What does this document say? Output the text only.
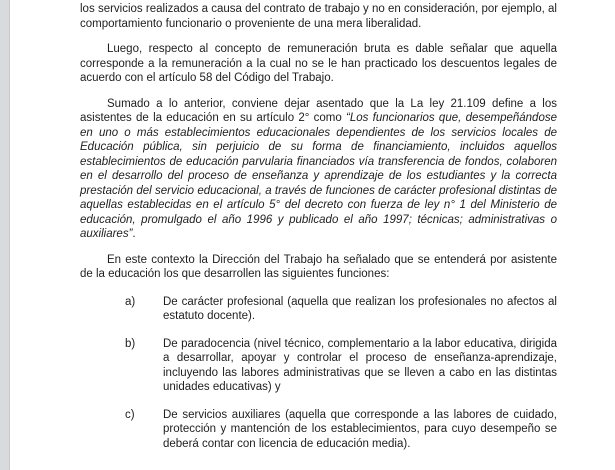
los servicios realizados a causa del contrato de trabajo y no en consideración, por ejemplo, al comportamiento funcionario o proveniente de una mera liberalidad.

Luego, respecto al concepto de remuneración bruta es dable señalar que aquella corresponde a la remuneración a la cual no se le han practicado los descuentos legales de acuerdo con el artículo 58 del Código del Trabajo.

Sumado a lo anterior, conviene dejar asentado que la La ley 21.109 define a los asistentes de la educación en su artículo 2° como “Los funcionarios que, desempeñándose en uno o más establecimientos educacionales dependientes de los servicios locales de Educación pública, sin perjuicio de su forma de financiamiento, incluidos aquellos establecimientos de educación parvularia financiados vía transferencia de fondos, colaboren en el desarrollo del proceso de enseñanza y aprendizaje de los estudiantes y la correcta prestación del servicio educacional, a través de funciones de carácter profesional distintas de aquellas establecidas en el artículo 5° del decreto con fuerza de ley n° 1 del Ministerio de educación, promulgado el año 1996 y publicado el año 1997; técnicas; administrativas o auxiliares”.

En este contexto la Dirección del Trabajo ha señalado que se entenderá por asistente de la educación los que desarrollen las siguientes funciones:

a)	De carácter profesional (aquella que realizan los profesionales no afectos al estatuto docente).
b)	De paradocencia (nivel técnico, complementario a la labor educativa, dirigida a desarrollar, apoyar y controlar el proceso de enseñanza-aprendizaje, incluyendo las labores administrativas que se lleven a cabo en las distintas unidades educativas) y
c)	De servicios auxiliares (aquella que corresponde a las labores de cuidado, protección y mantención de los establecimientos, para cuyo desempeño se deberá contar con licencia de educación media).
